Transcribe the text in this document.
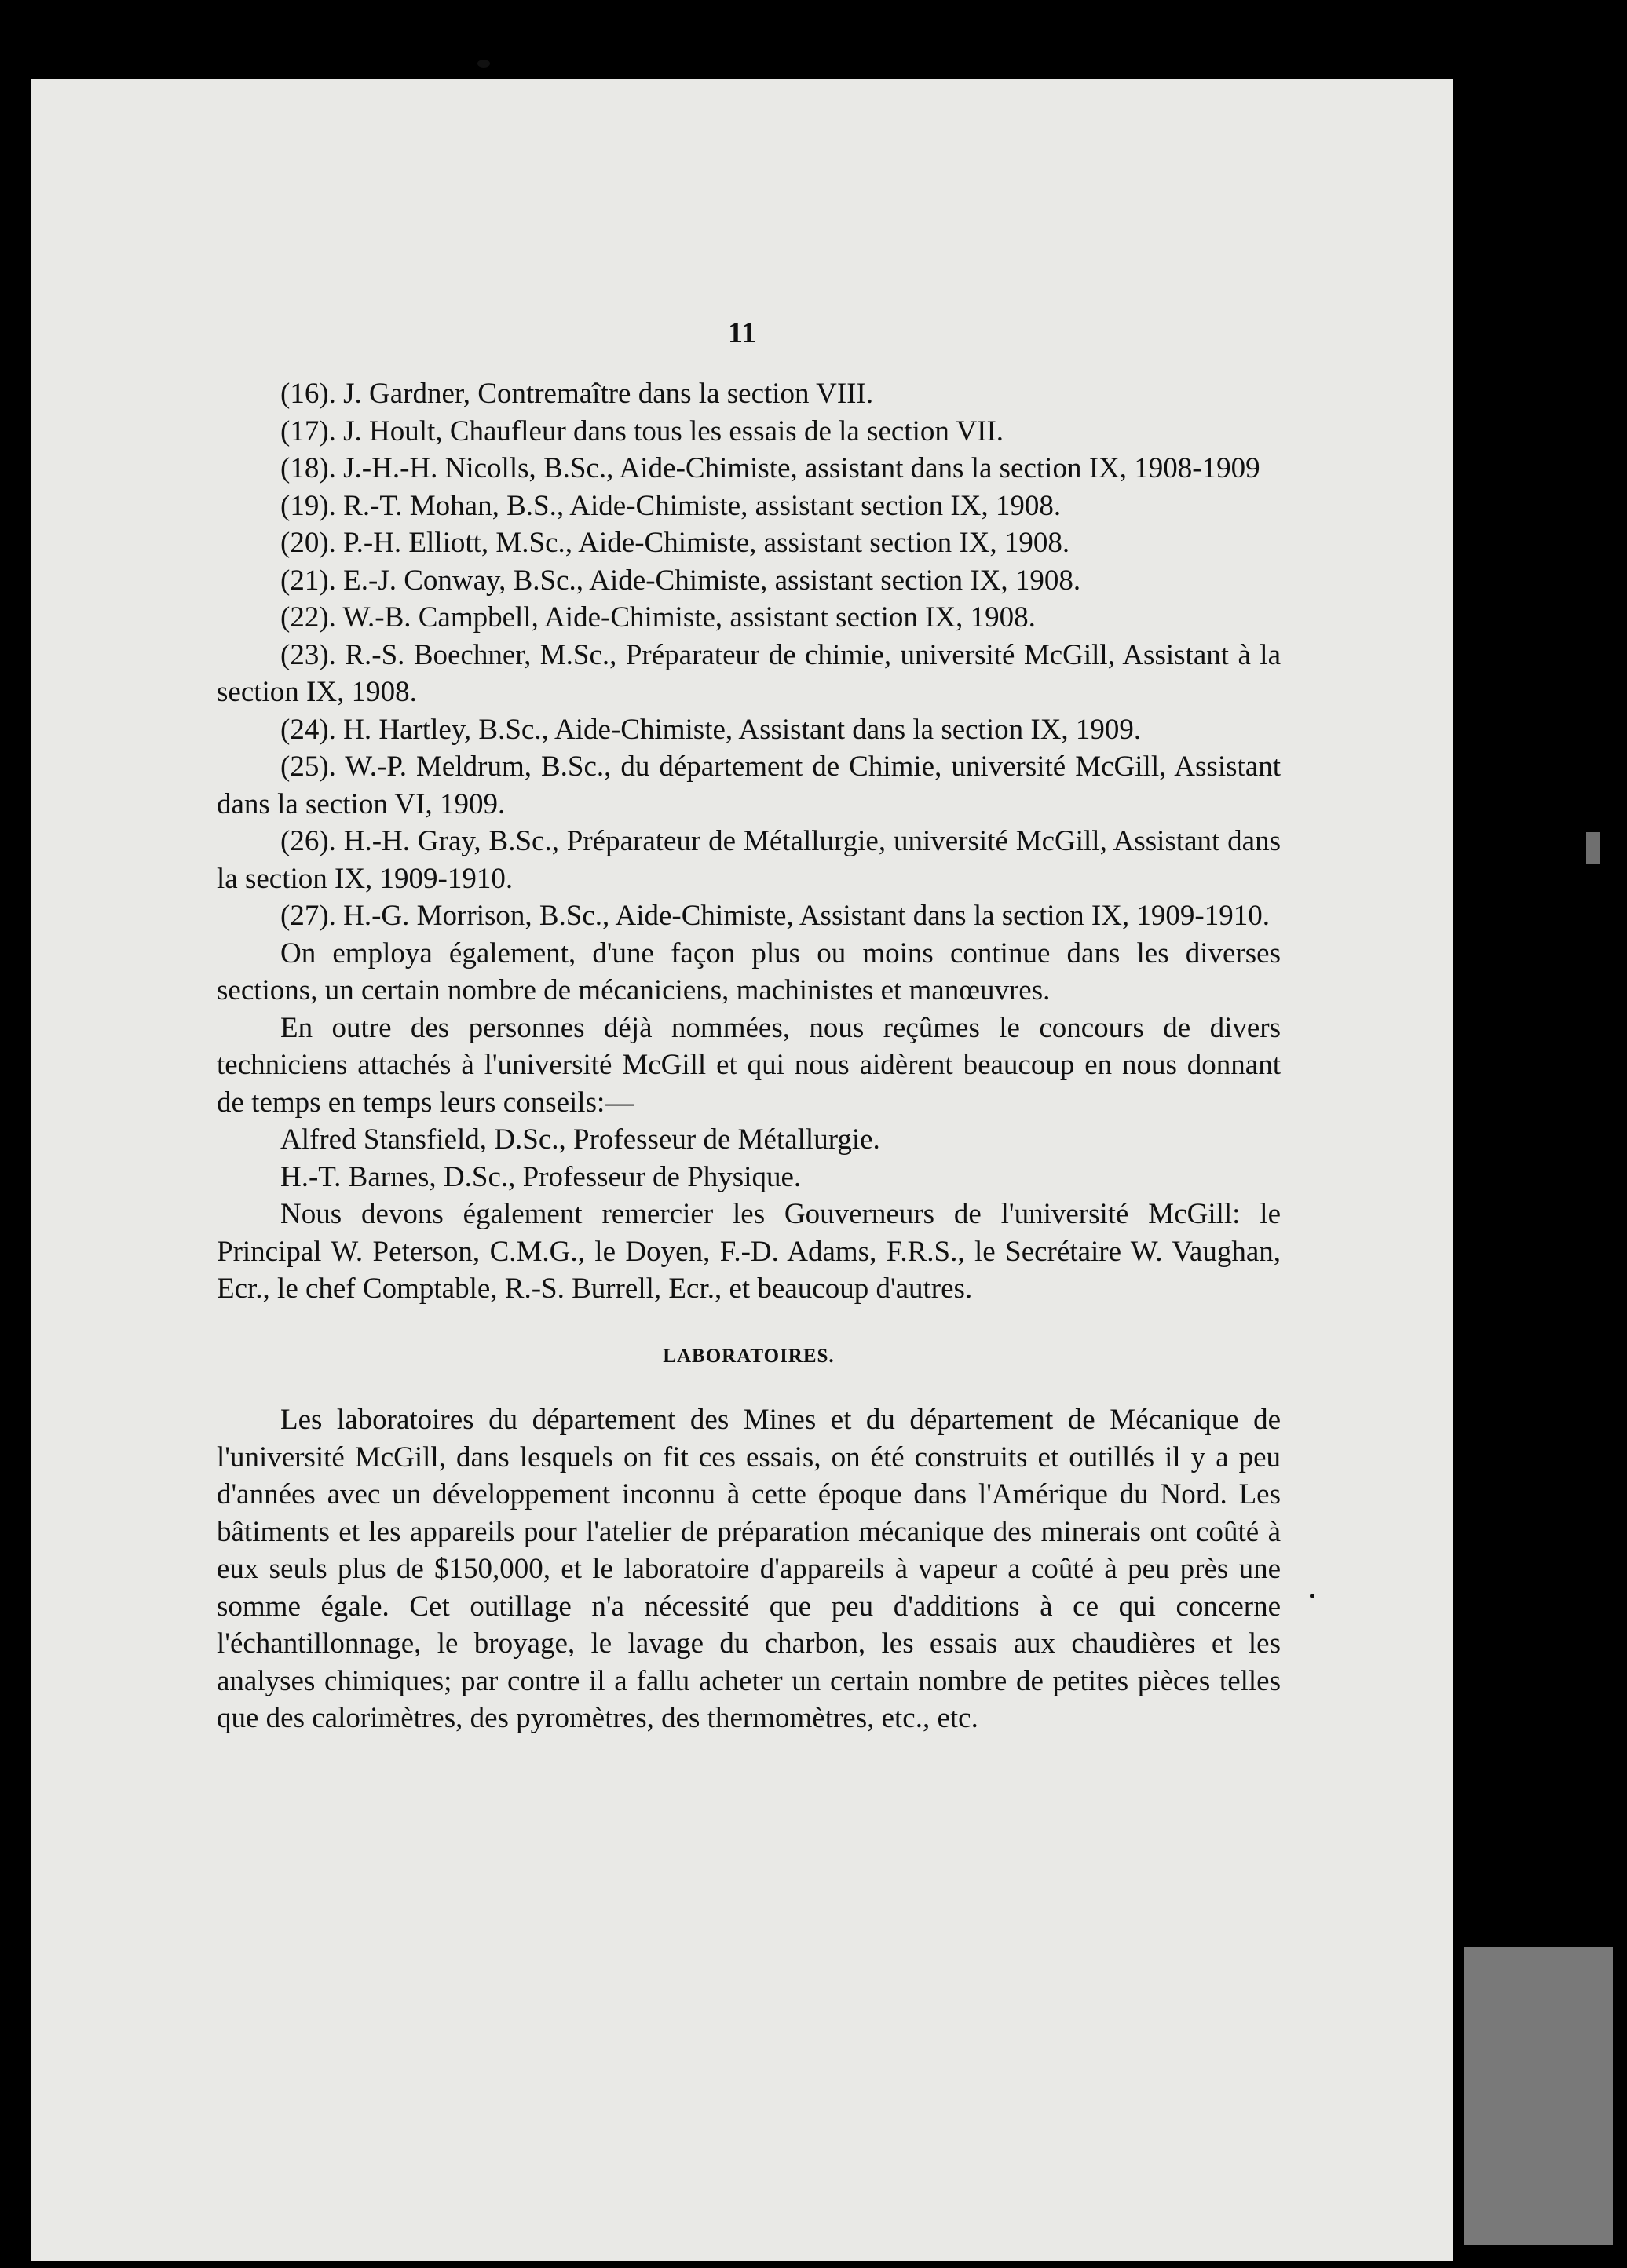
11

(16). J. Gardner, Contremaître dans la section VIII.

(17). J. Hoult, Chaufleur dans tous les essais de la section VII.

(18). J.-H.-H. Nicolls, B.Sc., Aide-Chimiste, assistant dans la section IX, 1908-1909

(19). R.-T. Mohan, B.S., Aide-Chimiste, assistant section IX, 1908.

(20). P.-H. Elliott, M.Sc., Aide-Chimiste, assistant section IX, 1908.

(21). E.-J. Conway, B.Sc., Aide-Chimiste, assistant section IX, 1908.

(22). W.-B. Campbell, Aide-Chimiste, assistant section IX, 1908.

(23). R.-S. Boechner, M.Sc., Préparateur de chimie, université McGill, Assistant à la section IX, 1908.

(24). H. Hartley, B.Sc., Aide-Chimiste, Assistant dans la section IX, 1909.

(25). W.-P. Meldrum, B.Sc., du département de Chimie, université McGill, Assistant dans la section VI, 1909.

(26). H.-H. Gray, B.Sc., Préparateur de Métallurgie, université McGill, Assistant dans la section IX, 1909-1910.

(27). H.-G. Morrison, B.Sc., Aide-Chimiste, Assistant dans la section IX, 1909-1910.

On employa également, d'une façon plus ou moins continue dans les diverses sections, un certain nombre de mécaniciens, machinistes et manœuvres.

En outre des personnes déjà nommées, nous reçûmes le concours de divers techniciens attachés à l'université McGill et qui nous aidèrent beaucoup en nous donnant de temps en temps leurs conseils:—

Alfred Stansfield, D.Sc., Professeur de Métallurgie.

H.-T. Barnes, D.Sc., Professeur de Physique.

Nous devons également remercier les Gouverneurs de l'université McGill: le Principal W. Peterson, C.M.G., le Doyen, F.-D. Adams, F.R.S., le Secrétaire W. Vaughan, Ecr., le chef Comptable, R.-S. Burrell, Ecr., et beaucoup d'autres.

LABORATOIRES.

Les laboratoires du département des Mines et du département de Mécanique de l'université McGill, dans lesquels on fit ces essais, on été construits et outillés il y a peu d'années avec un développement inconnu à cette époque dans l'Amérique du Nord. Les bâtiments et les appareils pour l'atelier de préparation mécanique des minerais ont coûté à eux seuls plus de $150,000, et le laboratoire d'appareils à vapeur a coûté à peu près une somme égale. Cet outillage n'a nécessité que peu d'additions à ce qui concerne l'échantillonnage, le broyage, le lavage du charbon, les essais aux chaudières et les analyses chimiques; par contre il a fallu acheter un certain nombre de petites pièces telles que des calorimètres, des pyromètres, des thermomètres, etc., etc.
